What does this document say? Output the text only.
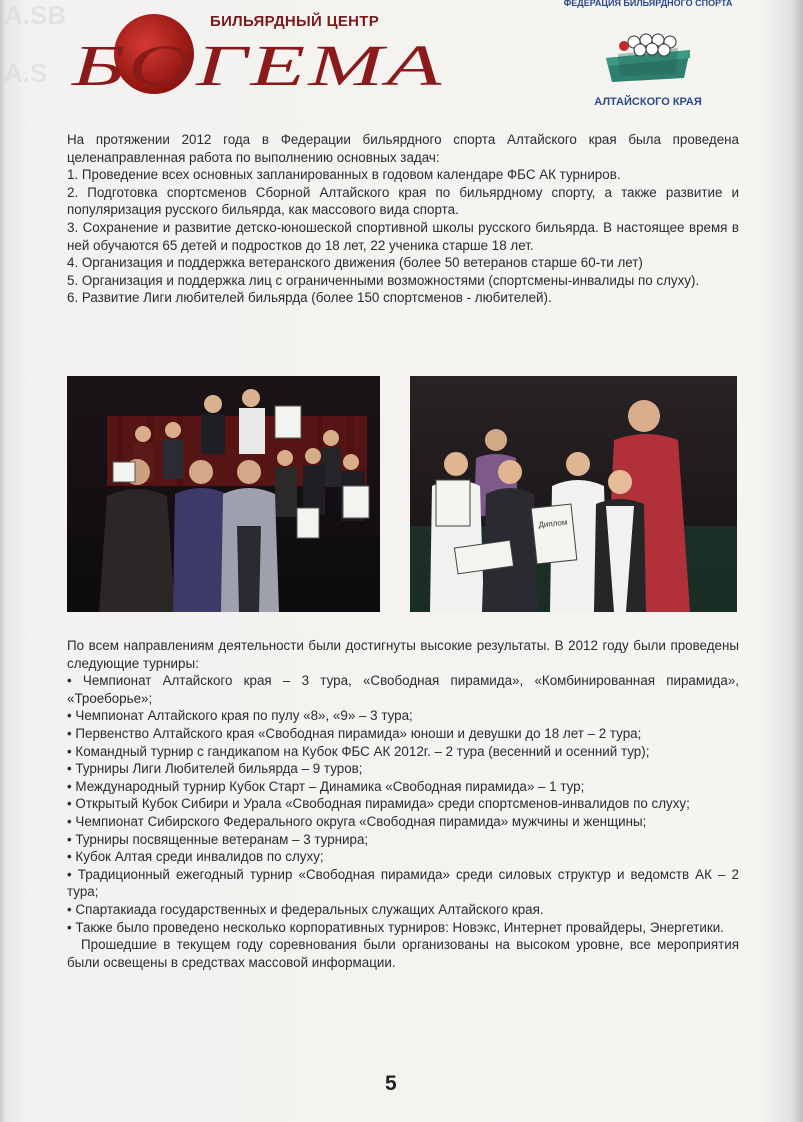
A.SB
A.S
БИЛЬЯРДНЫЙ ЦЕНТР
БОГЕМА
ФЕДЕРАЦИЯ БИЛЬЯРДНОГО СПОРТА
АЛТАЙСКОГО КРАЯ

На протяжении 2012 года в Федерации бильярдного спорта Алтайского края была проведена целенаправленная работа по выполнению основных задач:

1. Проведение всех основных запланированных в годовом календаре ФБС АК турниров.

2. Подготовка спортсменов Сборной Алтайского края по бильярдному спорту, а также развитие и популяризация русского бильярда, как массового вида спорта.

3. Сохранение и развитие детско-юношеской спортивной школы русского бильярда. В настоящее время в ней обучаются 65 детей и подростков до 18 лет, 22 ученика старше 18 лет.

4. Организация и поддержка ветеранского движения (более 50 ветеранов старше 60-ти лет)

5. Организация и поддержка лиц с ограниченными возможностями (спортсмены-инвалиды по слуху).

6. Развитие Лиги любителей бильярда (более 150 спортсменов - любителей).

Диплом

По всем направлениям деятельности были достигнуты высокие результаты. В 2012 году были проведены следующие турниры:

• Чемпионат Алтайского края – 3 тура, «Свободная пирамида», «Комбинированная пирамида», «Троеборье»;

• Чемпионат Алтайского края по пулу «8», «9» – 3 тура;

• Первенство Алтайского края «Свободная пирамида» юноши и девушки до 18 лет – 2 тура;

• Командный турнир с гандикапом на Кубок ФБС АК 2012г. – 2 тура (весенний и осенний тур);

• Турниры Лиги Любителей бильярда – 9 туров;

• Международный турнир Кубок Старт – Динамика «Свободная пирамида» – 1 тур;

• Открытый Кубок Сибири и Урала «Свободная пирамида» среди спортсменов-инвалидов по слуху;

• Чемпионат Сибирского Федерального округа «Свободная пирамида» мужчины и женщины;

• Турниры посвященные ветеранам – 3 турнира;

• Кубок Алтая среди инвалидов по слуху;

• Традиционный ежегодный турнир «Свободная пирамида» среди силовых структур и ведомств АК – 2 тура;

• Спартакиада государственных и федеральных служащих Алтайского края.

• Также было проведено несколько корпоративных турниров: Новэкс, Интернет провайдеры, Энергетики.

Прошедшие в текущем году соревнования были организованы на высоком уровне, все мероприятия были освещены в средствах массовой информации.

5
